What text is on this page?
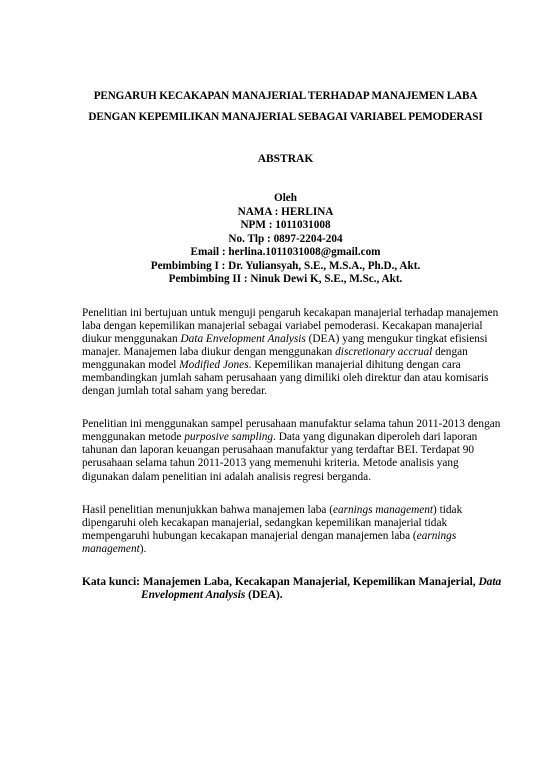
PENGARUH KECAKAPAN MANAJERIAL TERHADAP MANAJEMEN LABA
DENGAN KEPEMILIKAN MANAJERIAL SEBAGAI VARIABEL PEMODERASI
ABSTRAK
Oleh
NAMA : HERLINA
NPM : 1011031008
No. Tlp : 0897-2204-204
Email : herlina.1011031008@gmail.com
Pembimbing I : Dr. Yuliansyah, S.E., M.S.A., Ph.D., Akt.
Pembimbing II : Ninuk Dewi K, S.E., M.Sc., Akt.

Penelitian ini bertujuan untuk menguji pengaruh kecakapan manajerial terhadap manajemen
laba dengan kepemilikan manajerial sebagai variabel pemoderasi. Kecakapan manajerial
diukur menggunakan Data Envelopment Analysis (DEA) yang mengukur tingkat efisiensi
manajer. Manajemen laba diukur dengan menggunakan discretionary accrual dengan
menggunakan model Modified Jones. Kepemilikan manajerial dihitung dengan cara
membandingkan jumlah saham perusahaan yang dimiliki oleh direktur dan atau komisaris
dengan jumlah total saham yang beredar.

Penelitian ini menggunakan sampel perusahaan manufaktur selama tahun 2011-2013 dengan
menggunakan metode purposive sampling. Data yang digunakan diperoleh dari laporan
tahunan dan laporan keuangan perusahaan manufaktur yang terdaftar BEI. Terdapat 90
perusahaan selama tahun 2011-2013 yang memenuhi kriteria. Metode analisis yang
digunakan dalam penelitian ini adalah analisis regresi berganda.

Hasil penelitian menunjukkan bahwa manajemen laba (earnings management) tidak
dipengaruhi oleh kecakapan manajerial, sedangkan kepemilikan manajerial tidak
mempengaruhi hubungan kecakapan manajerial dengan manajemen laba (earnings
management).

Kata kunci: Manajemen Laba, Kecakapan Manajerial, Kepemilikan Manajerial, Data
Envelopment Analysis (DEA).
